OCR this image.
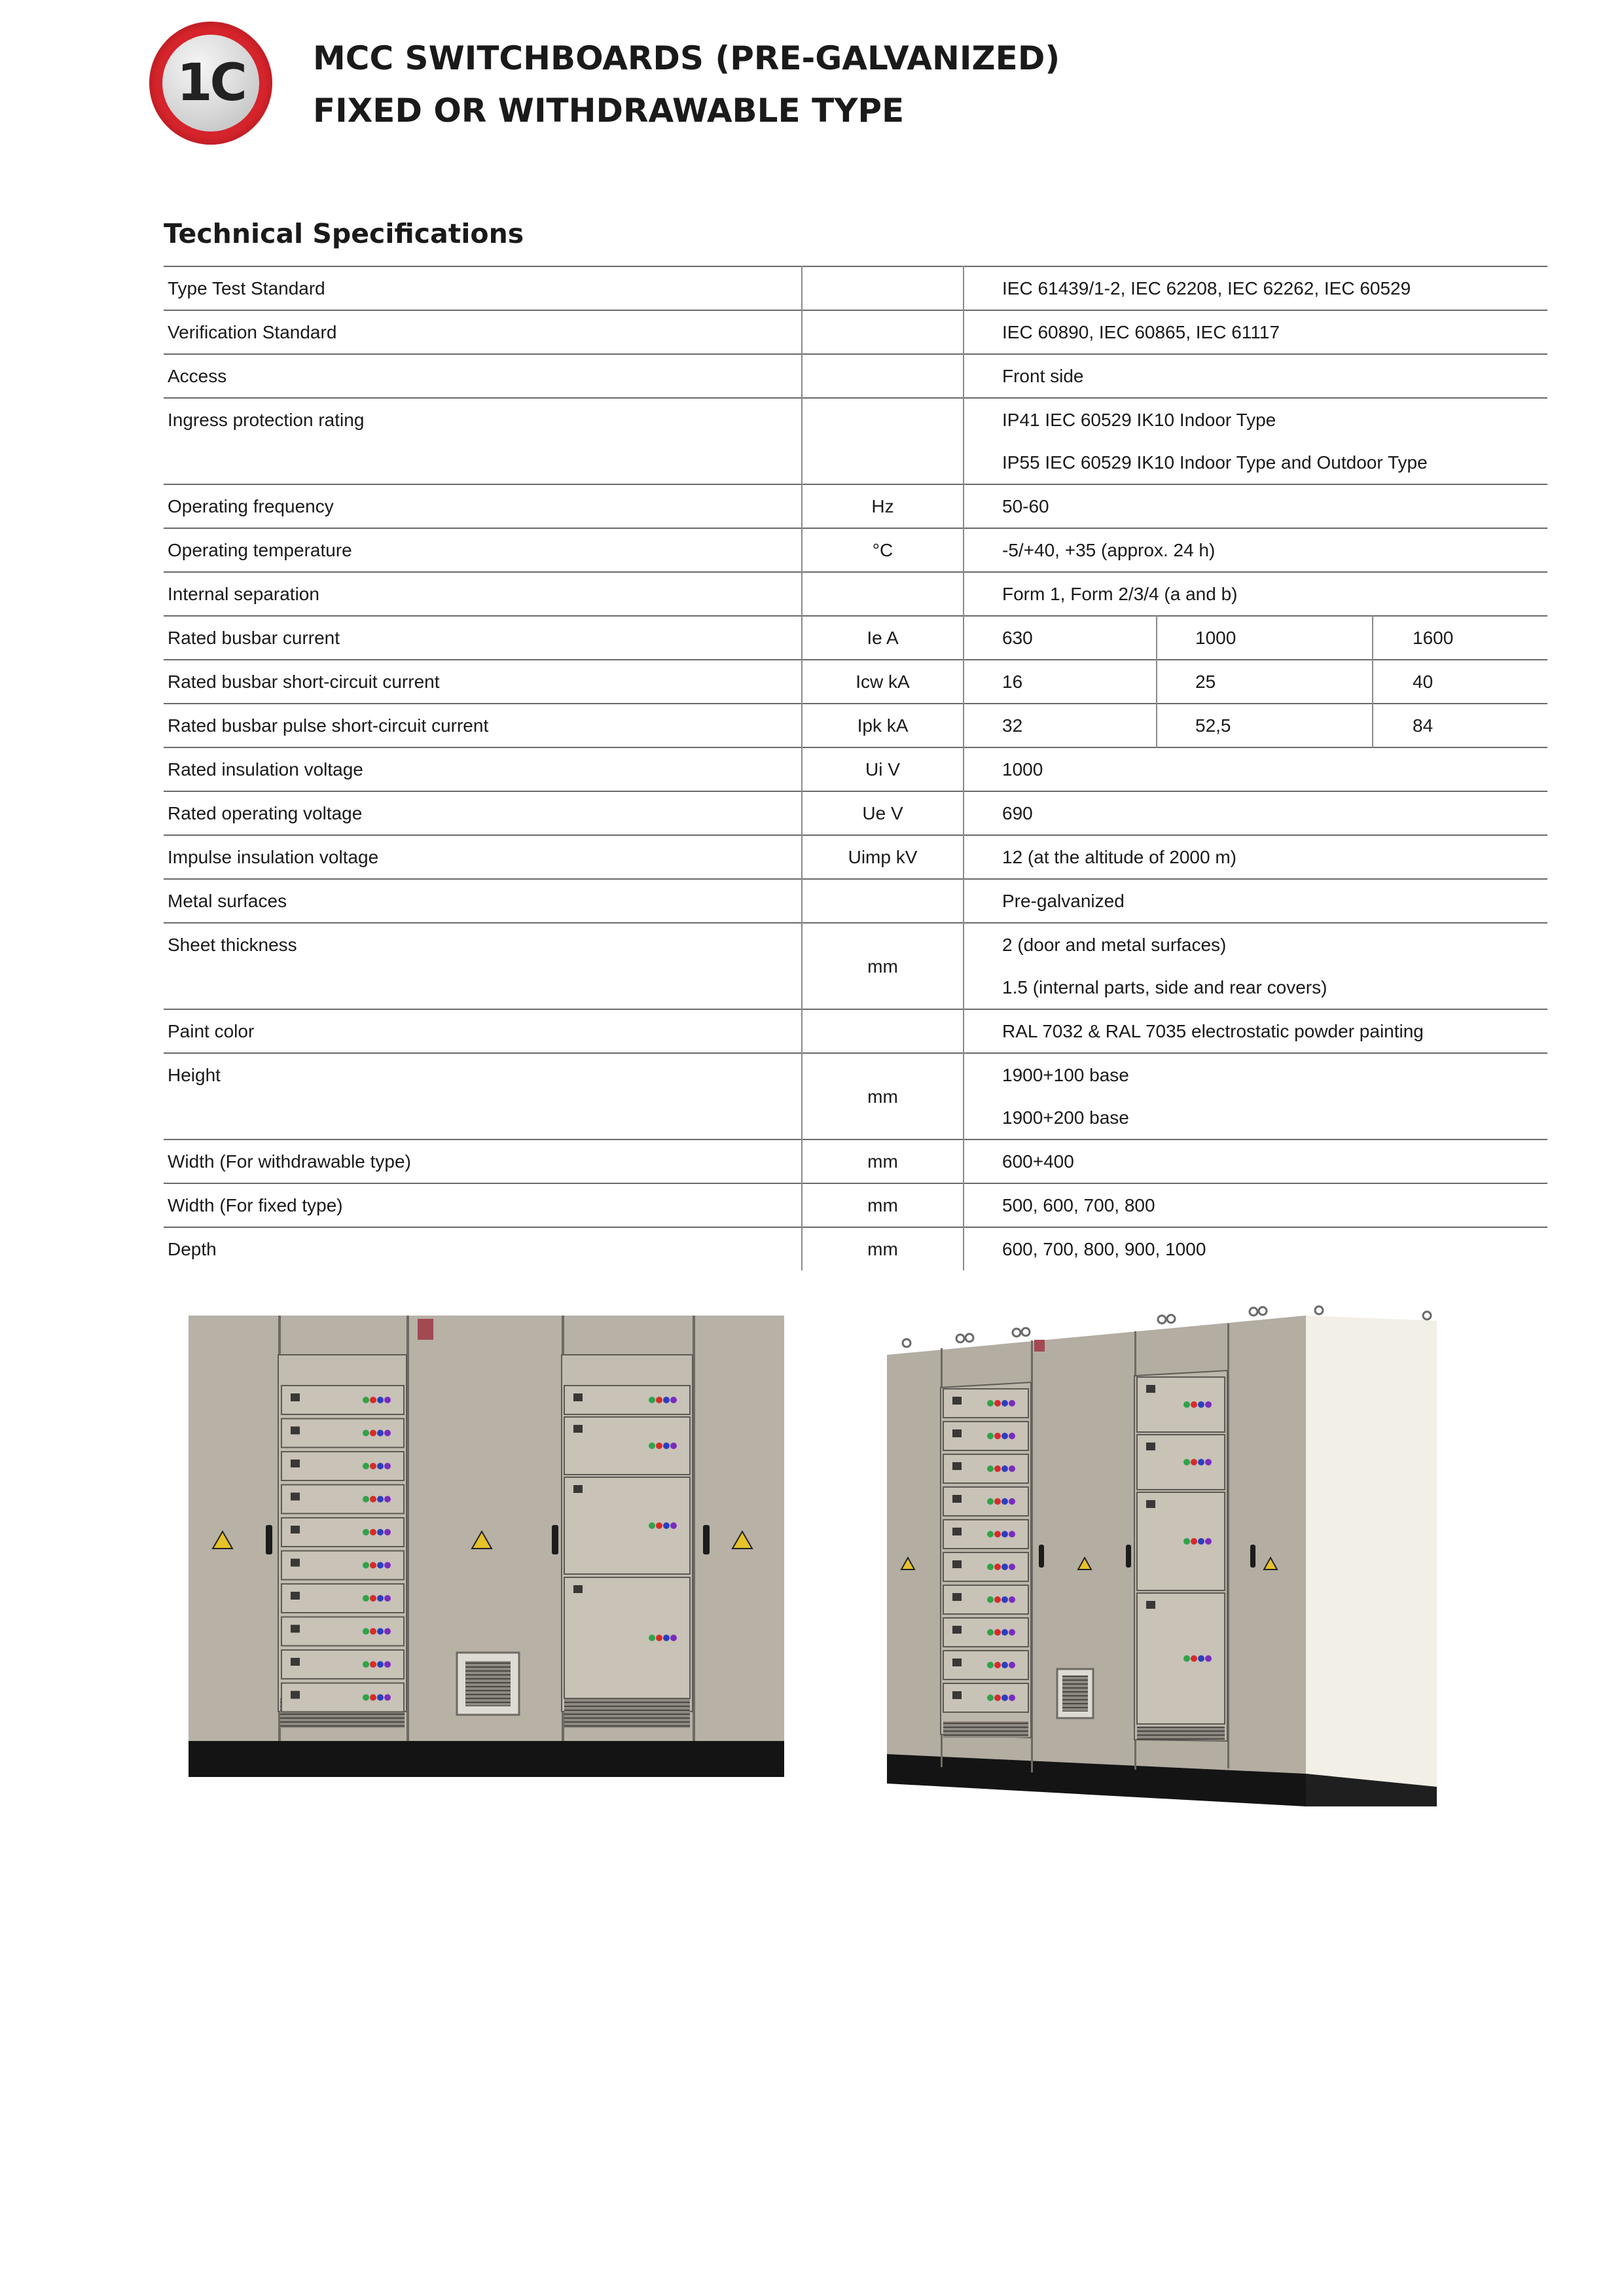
1C MCC SWITCHBOARDS (PRE-GALVANIZED)
FIXED OR WITHDRAWABLE TYPE
Technical Specifications
Type Test Standard		IEC 61439/1-2, IEC 62208, IEC 62262, IEC 60529		

Verification Standard		IEC 60890, IEC 60865, IEC 61117		

Access		Front side		

Ingress protection rating		IP41 IEC 60529 IK10 Indoor Type
IP55 IEC 60529 IK10 Indoor Type and Outdoor Type		

Operating frequency	Hz	50-60		

Operating temperature	°C	-5/+40, +35 (approx. 24 h)		

Internal separation		Form 1, Form 2/3/4 (a and b)		

Rated busbar current	Ie A	630	1000	1600
Rated busbar short-circuit current	Icw kA	16	25	40
Rated busbar pulse short-circuit current	Ipk kA	32	52,5	84
Rated insulation voltage	Ui V	1000		

Rated operating voltage	Ue V	690		

Impulse insulation voltage	Uimp kV	12 (at the altitude of 2000 m)		

Metal surfaces		Pre-galvanized		

Sheet thickness	mm	2 (door and metal surfaces)
1.5 (internal parts, side and rear covers)		

Paint color		RAL 7032 & RAL 7035 electrostatic powder painting		

Height	mm	1900+100 base
1900+200 base		

Width (For withdrawable type)	mm	600+400		

Width (For fixed type)	mm	500, 600, 700, 800		

Depth	mm	600, 700, 800, 900, 1000		
